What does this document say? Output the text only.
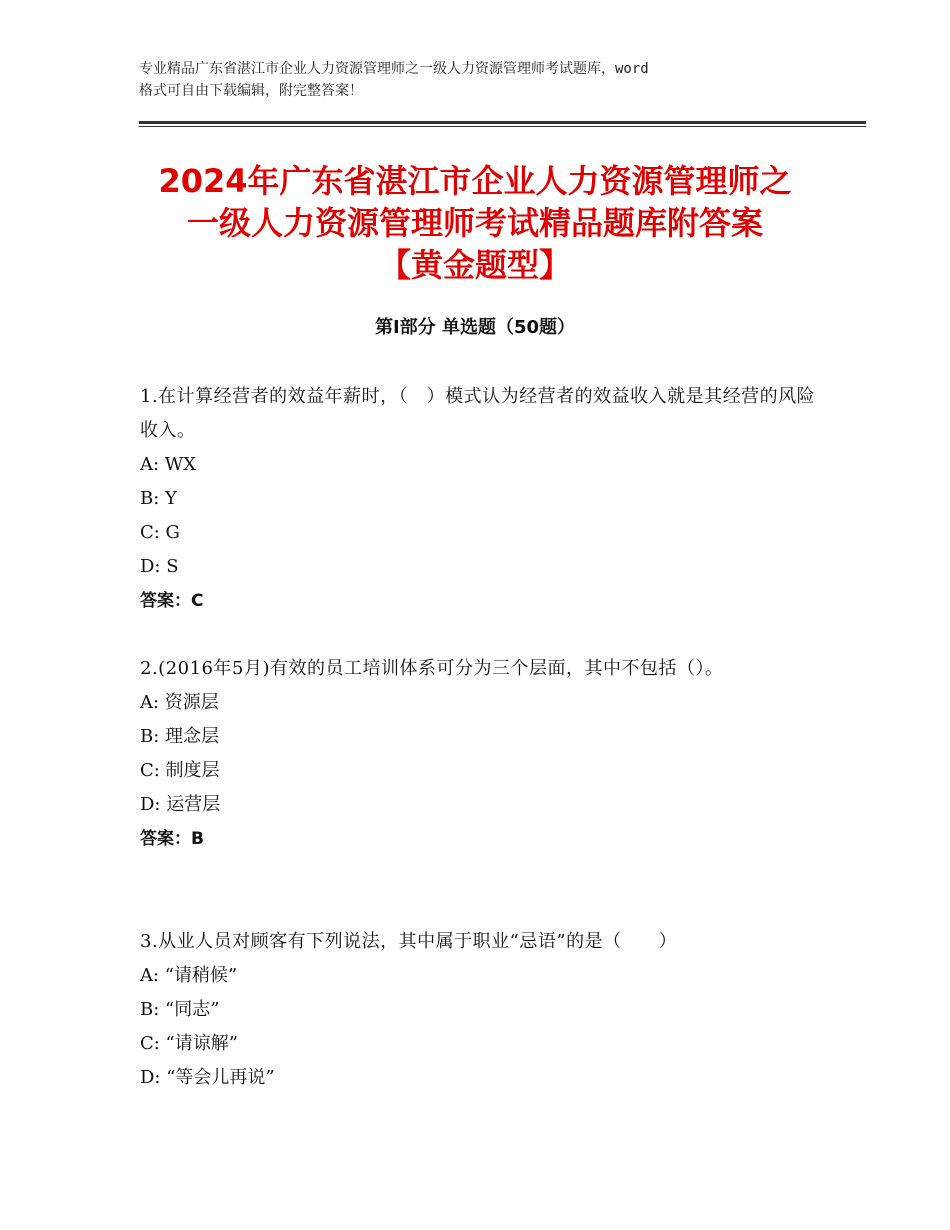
专业精品广东省湛江市企业人力资源管理师之一级人力资源管理师考试题库，word
格式可自由下载编辑，附完整答案！
2024年广东省湛江市企业人力资源管理师之
一级人力资源管理师考试精品题库附答案
【黄金题型】
第Ⅰ部分 单选题（50题）

1.在计算经营者的效益年薪时，（　）模式认为经营者的效益收入就是其经营的风险收入。

A: WX

B: Y

C: G

D: S

答案：C

2.(2016年5月)有效的员工培训体系可分为三个层面，其中不包括（）。

A: 资源层

B: 理念层

C: 制度层

D: 运营层

答案：B

3.从业人员对顾客有下列说法，其中属于职业“忌语”的是（　　）

A: “请稍候”

B: “同志”

C: “请谅解”

D: “等会儿再说”
